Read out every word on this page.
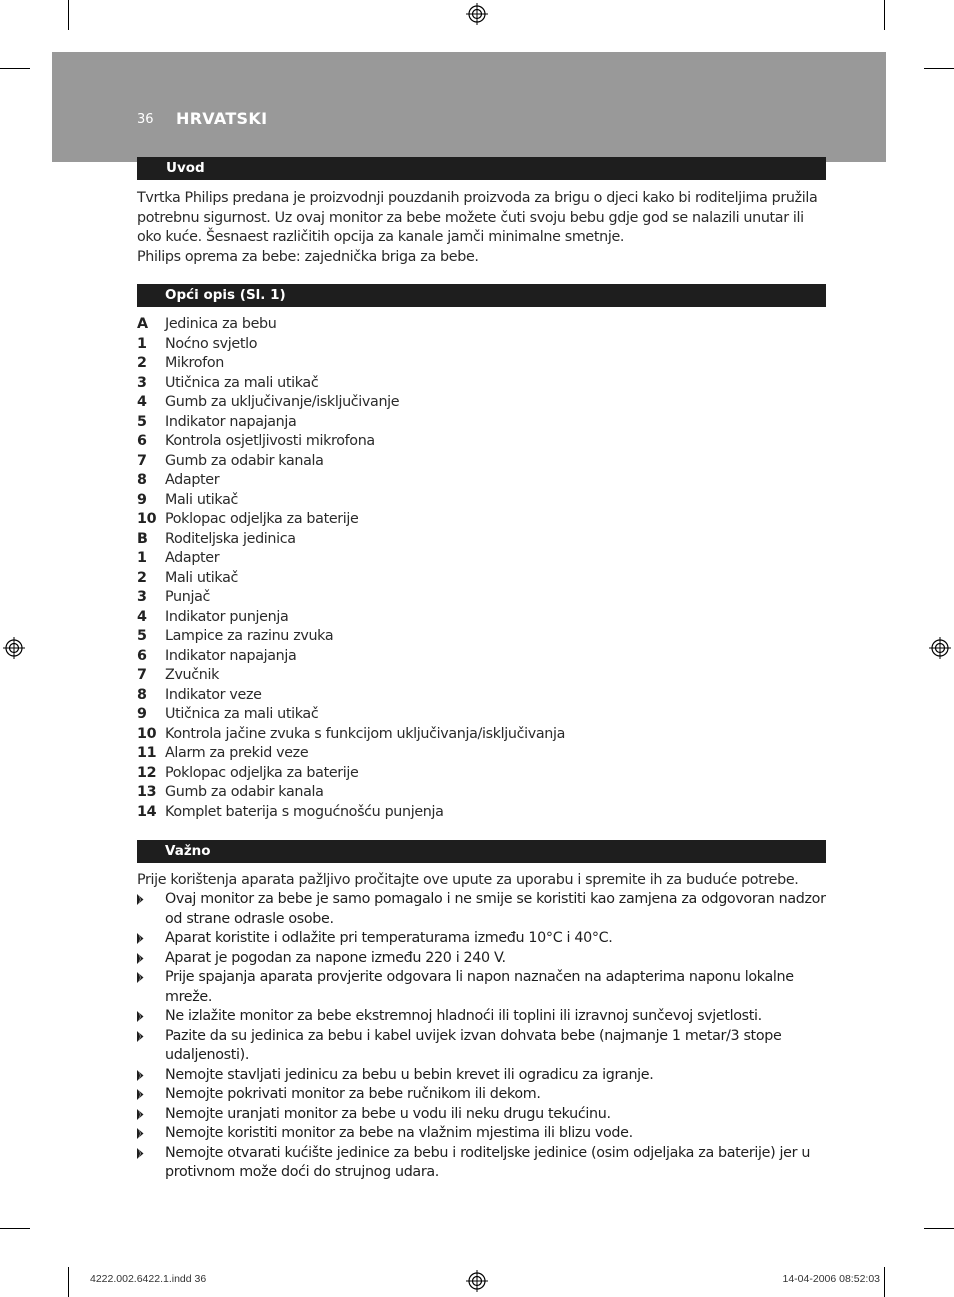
36 HRVATSKI
Uvod
Tvrtka Philips predana je proizvodnji pouzdanih proizvoda za brigu o djeci kako bi roditeljima pružila potrebnu sigurnost. Uz ovaj monitor za bebe možete čuti svoju bebu gdje god se nalazili unutar ili oko kuće. Šesnaest različitih opcija za kanale jamči minimalne smetnje.
Philips oprema za bebe: zajednička briga za bebe.
Opći opis (Sl. 1)
A	Jedinica za bebu
1	Noćno svjetlo
2	Mikrofon
3	Utičnica za mali utikač
4	Gumb za uključivanje/isključivanje
5	Indikator napajanja
6	Kontrola osjetljivosti mikrofona
7	Gumb za odabir kanala
8	Adapter
9	Mali utikač
10 Poklopac odjeljka za baterije
B	Roditeljska jedinica
1	Adapter
2	Mali utikač
3	Punjač
4	Indikator punjenja
5	Lampice za razinu zvuka
6	Indikator napajanja
7	Zvučnik
8	Indikator veze
9	Utičnica za mali utikač
10 Kontrola jačine zvuka s funkcijom uključivanja/isključivanja
11 Alarm za prekid veze
12 Poklopac odjeljka za baterije
13 Gumb za odabir kanala
14 Komplet baterija s mogućnošću punjenja
Važno
Prije korištenja aparata pažljivo pročitajte ove upute za uporabu i spremite ih za buduće potrebe.
Ovaj monitor za bebe je samo pomagalo i ne smije se koristiti kao zamjena za odgovoran nadzor od strane odrasle osobe.
Aparat koristite i odlažite pri temperaturama između 10°C i 40°C.
Aparat je pogodan za napone između 220 i 240 V.
Prije spajanja aparata provjerite odgovara li napon naznačen na adapterima naponu lokalne mreže.
Ne izlažite monitor za bebe ekstremnoj hladnoći ili toplini ili izravnoj sunčevoj svjetlosti.
Pazite da su jedinica za bebu i kabel uvijek izvan dohvata bebe (najmanje 1 metar/3 stope udaljenosti).
Nemojte stavljati jedinicu za bebu u bebin krevet ili ogradicu za igranje.
Nemojte pokrivati monitor za bebe ručnikom ili dekom.
Nemojte uranjati monitor za bebe u vodu ili neku drugu tekućinu.
Nemojte koristiti monitor za bebe na vlažnim mjestima ili blizu vode.
Nemojte otvarati kućište jedinice za bebu i roditeljske jedinice (osim odjeljaka za baterije) jer u protivnom može doći do strujnog udara.
4222.002.6422.1.indd 36	14-04-2006 08:52:03
